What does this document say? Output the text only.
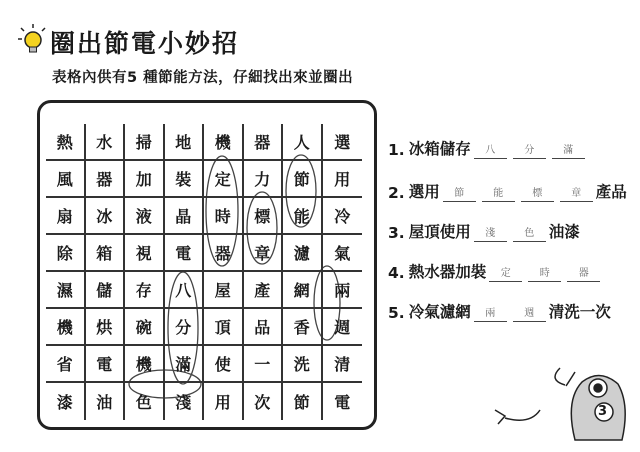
圈出節電小妙招
表格內供有5 種節能方法，仔細找出來並圈出
熱	水	掃	地	機	器	人	選
風	器	加	裝	定	力	節	用
扇	冰	液	晶	時	標	能	冷
除	箱	視	電	器	章	濾	氣
濕	儲	存	八	屋	產	網	兩
機	烘	碗	分	頂	品	香	週
省	電	機	滿	使	一	洗	清
漆	油	色	淺	用	次	節	電
1. 冰箱儲存	八	分	滿
2. 選用	節	能	標	章 產品
3. 屋頂使用	淺	色 油漆
4. 熱水器加裝	定	時	器
5. 冷氣濾網	兩	週 清洗一次
3
